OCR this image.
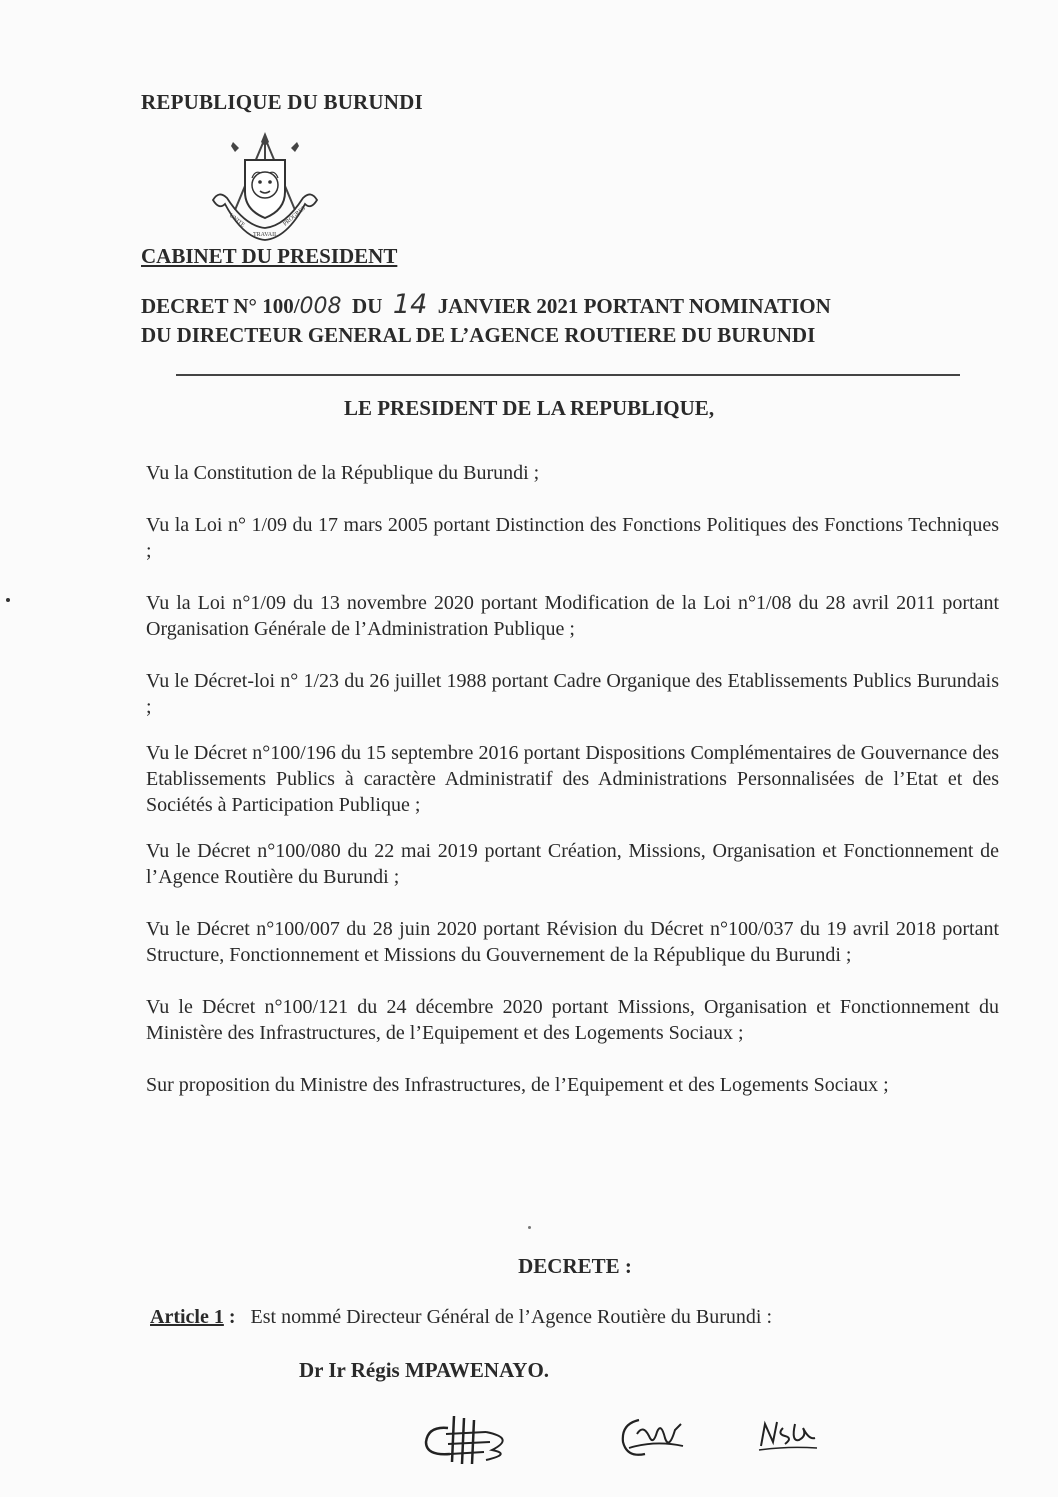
REPUBLIQUE DU BURUNDI
UNITE
TRAVAIL
PROGRES
CABINET DU PRESIDENT
DECRET N° 100/008 DU 14 JANVIER 2021 PORTANT NOMINATION
DU DIRECTEUR GENERAL DE L’AGENCE ROUTIERE DU BURUNDI
LE PRESIDENT DE LA REPUBLIQUE,

Vu la Constitution de la République du Burundi ;

Vu la Loi n° 1/09 du 17 mars 2005 portant Distinction des Fonctions Politiques des Fonctions Techniques ;

Vu la Loi n°1/09 du 13 novembre 2020 portant Modification de la Loi n°1/08 du 28 avril 2011 portant Organisation Générale de l’Administration Publique ;

Vu le Décret-loi n° 1/23 du 26 juillet 1988 portant Cadre Organique des Etablissements Publics Burundais ;

Vu le Décret n°100/196 du 15 septembre 2016 portant Dispositions Complémentaires de Gouvernance des Etablissements Publics à caractère Administratif des Administrations Personnalisées de l’Etat et des Sociétés à Participation Publique ;

Vu le Décret n°100/080 du 22 mai 2019 portant Création, Missions, Organisation et Fonctionnement de l’Agence Routière du Burundi ;

Vu le Décret n°100/007 du 28 juin 2020 portant Révision du Décret n°100/037 du 19 avril 2018 portant Structure, Fonctionnement et Missions du Gouvernement de la République du Burundi ;

Vu le Décret n°100/121 du 24 décembre 2020 portant Missions, Organisation et Fonctionnement du Ministère des Infrastructures, de l’Equipement et des Logements Sociaux ;

Sur proposition du Ministre des Infrastructures, de l’Equipement et des Logements Sociaux ;

DECRETE :
Article 1 : Est nommé Directeur Général de l’Agence Routière du Burundi :
Dr Ir Régis MPAWENAYO.
